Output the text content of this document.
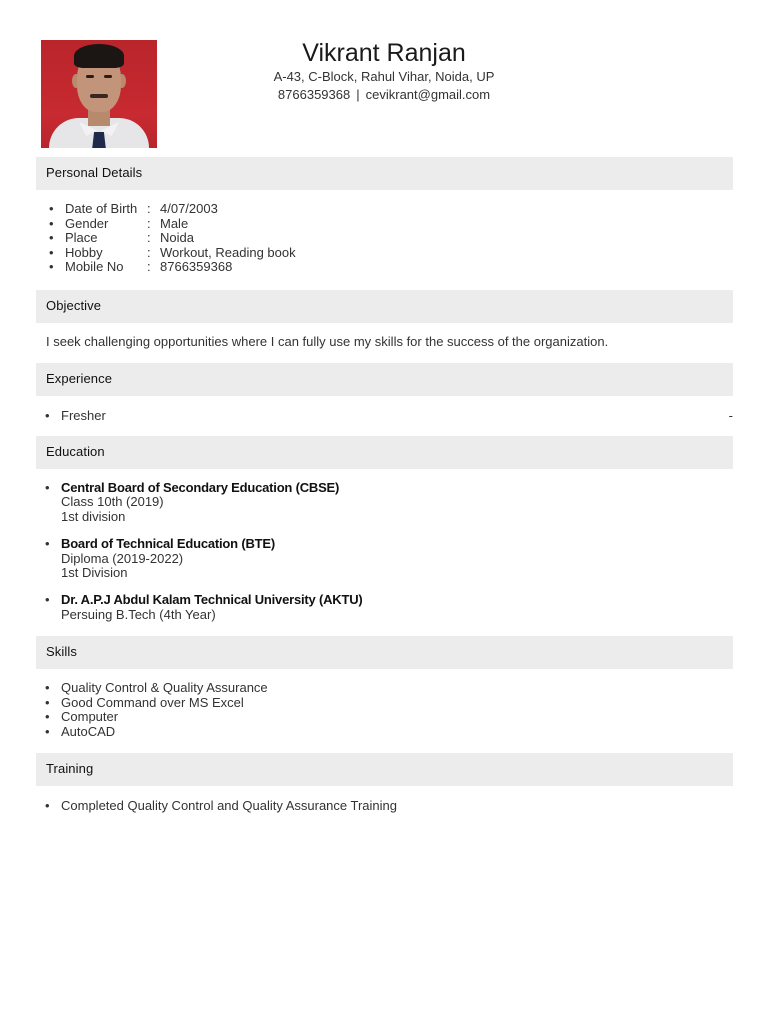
Vikrant Ranjan
A-43, C-Block, Rahul Vihar, Noida, UP
8766359368 | cevikrant@gmail.com
Personal Details
• Date of Birth : 4/07/2003
• Gender	: Male
• Place	: Noida
• Hobby	: Workout, Reading book
• Mobile No	: 8766359368
Objective

I seek challenging opportunities where I can fully use my skills for the success of the organization.

Experience
• Fresher	-
Education
• Central Board of Secondary Education (CBSE)
Class 10th (2019)
1st division
• Board of Technical Education (BTE)
Diploma (2019-2022)
1st Division
• Dr. A.P.J Abdul Kalam Technical University (AKTU)
Persuing B.Tech (4th Year)
Skills
• Quality Control & Quality Assurance
• Good Command over MS Excel
• Computer
• AutoCAD
Training
• Completed Quality Control and Quality Assurance Training
